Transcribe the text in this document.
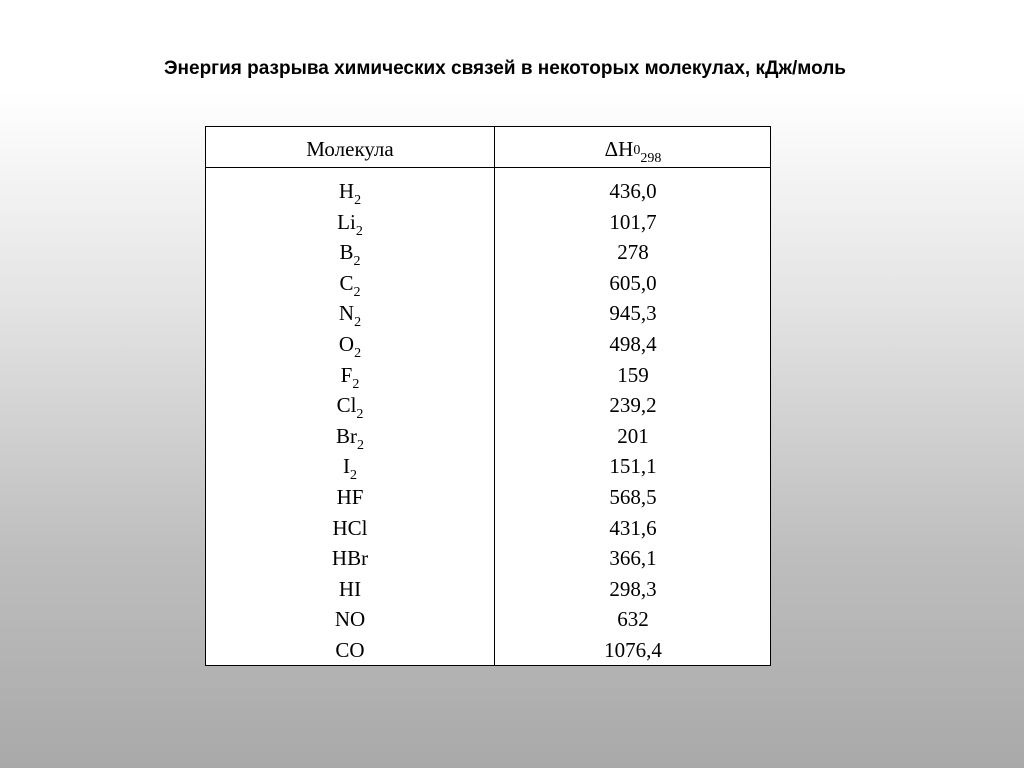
Энергия разрыва химических связей в некоторых молекулах, кДж/моль
Молекула	$\Delta H^0_{298}$
$H_2$
$Li_2$
$B_2$
$C_2$
$N_2$
$O_2$
$F_2$
$Cl_2$
$Br_2$
$I_2$
HF
HCl
HBr
HI
NO
CO
436,0
101,7
278
605,0
945,3
498,4
159
239,2
201
151,1
568,5
431,6
366,1
298,3
632
1076,4
